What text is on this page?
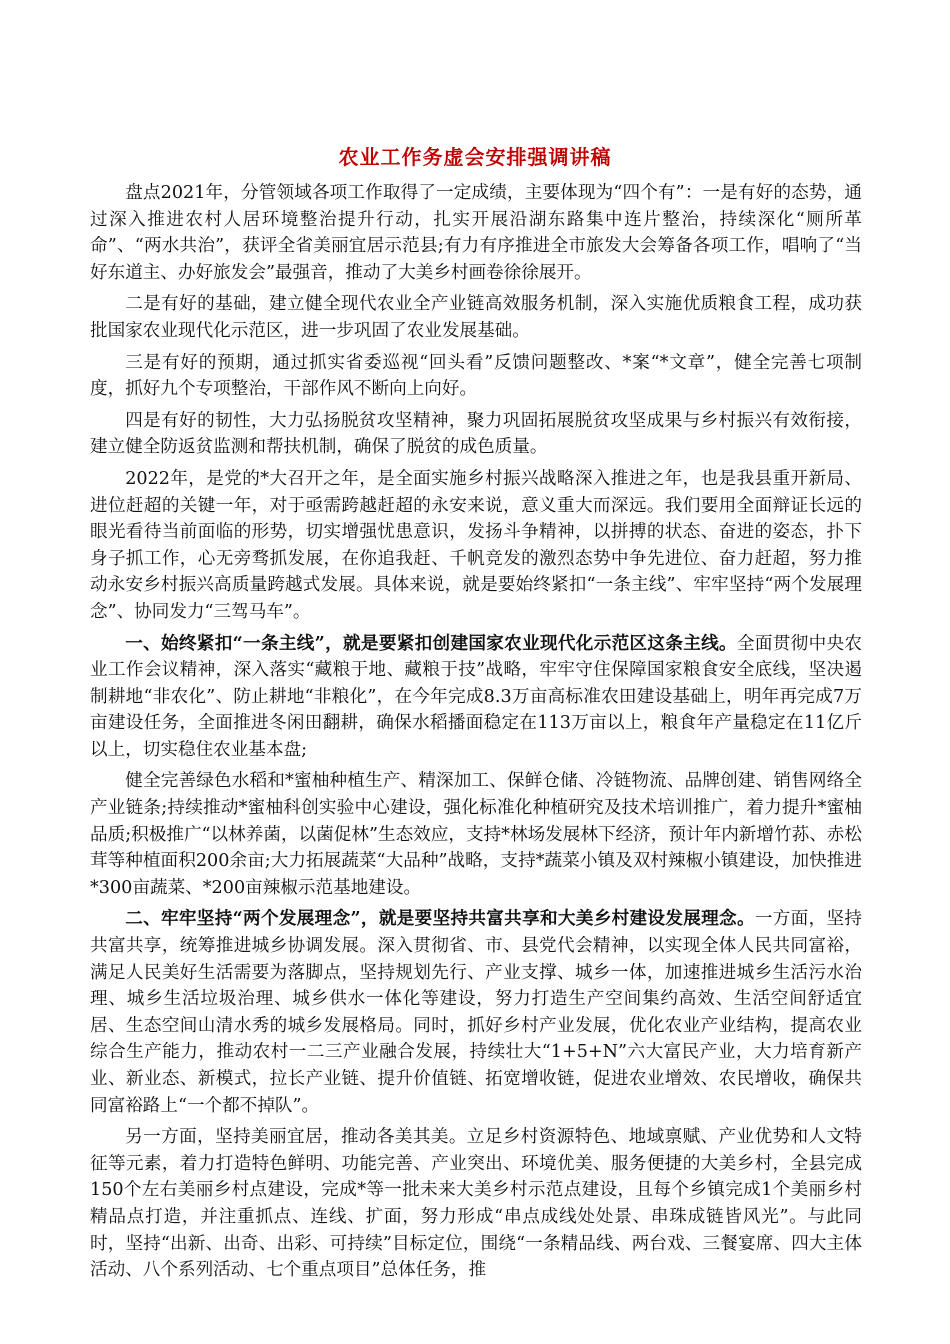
农业工作务虚会安排强调讲稿

盘点2021年，分管领域各项工作取得了一定成绩，主要体现为“四个有”：一是有好的态势，通过深入推进农村人居环境整治提升行动，扎实开展沿湖东路集中连片整治，持续深化“厕所革命”、“两水共治”，获评全省美丽宜居示范县;有力有序推进全市旅发大会筹备各项工作，唱响了“当好东道主、办好旅发会”最强音，推动了大美乡村画卷徐徐展开。

二是有好的基础，建立健全现代农业全产业链高效服务机制，深入实施优质粮食工程，成功获批国家农业现代化示范区，进一步巩固了农业发展基础。

三是有好的预期，通过抓实省委巡视“回头看”反馈问题整改、*案“*文章”，健全完善七项制度，抓好九个专项整治，干部作风不断向上向好。

四是有好的韧性，大力弘扬脱贫攻坚精神，聚力巩固拓展脱贫攻坚成果与乡村振兴有效衔接，建立健全防返贫监测和帮扶机制，确保了脱贫的成色质量。

2022年，是党的*大召开之年，是全面实施乡村振兴战略深入推进之年，也是我县重开新局、进位赶超的关键一年，对于亟需跨越赶超的永安来说，意义重大而深远。我们要用全面辩证长远的眼光看待当前面临的形势，切实增强忧患意识，发扬斗争精神，以拼搏的状态、奋进的姿态，扑下身子抓工作，心无旁骛抓发展，在你追我赶、千帆竞发的激烈态势中争先进位、奋力赶超，努力推动永安乡村振兴高质量跨越式发展。具体来说，就是要始终紧扣“一条主线”、牢牢坚持“两个发展理念”、协同发力“三驾马车”。

一、始终紧扣“一条主线”，就是要紧扣创建国家农业现代化示范区这条主线。全面贯彻中央农业工作会议精神，深入落实“藏粮于地、藏粮于技”战略，牢牢守住保障国家粮食安全底线，坚决遏制耕地“非农化”、防止耕地“非粮化”，在今年完成8.3万亩高标准农田建设基础上，明年再完成7万亩建设任务，全面推进冬闲田翻耕，确保水稻播面稳定在113万亩以上，粮食年产量稳定在11亿斤以上，切实稳住农业基本盘;

健全完善绿色水稻和*蜜柚种植生产、精深加工、保鲜仓储、冷链物流、品牌创建、销售网络全产业链条;持续推动*蜜柚科创实验中心建设，强化标准化种植研究及技术培训推广，着力提升*蜜柚品质;积极推广“以林养菌，以菌促林”生态效应，支持*林场发展林下经济，预计年内新增竹荪、赤松茸等种植面积200余亩;大力拓展蔬菜“大品种”战略，支持*蔬菜小镇及双村辣椒小镇建设，加快推进*300亩蔬菜、*200亩辣椒示范基地建设。

二、牢牢坚持“两个发展理念”，就是要坚持共富共享和大美乡村建设发展理念。一方面，坚持共富共享，统筹推进城乡协调发展。深入贯彻省、市、县党代会精神，以实现全体人民共同富裕，满足人民美好生活需要为落脚点，坚持规划先行、产业支撑、城乡一体，加速推进城乡生活污水治理、城乡生活垃圾治理、城乡供水一体化等建设，努力打造生产空间集约高效、生活空间舒适宜居、生态空间山清水秀的城乡发展格局。同时，抓好乡村产业发展，优化农业产业结构，提高农业综合生产能力，推动农村一二三产业融合发展，持续壮大“1+5+N”六大富民产业，大力培育新产业、新业态、新模式，拉长产业链、提升价值链、拓宽增收链，促进农业增效、农民增收，确保共同富裕路上“一个都不掉队”。

另一方面，坚持美丽宜居，推动各美其美。立足乡村资源特色、地域禀赋、产业优势和人文特征等元素，着力打造特色鲜明、功能完善、产业突出、环境优美、服务便捷的大美乡村，全县完成150个左右美丽乡村点建设，完成*等一批未来大美乡村示范点建设，且每个乡镇完成1个美丽乡村精品点打造，并注重抓点、连线、扩面，努力形成“串点成线处处景、串珠成链皆风光”。与此同时，坚持“出新、出奇、出彩、可持续”目标定位，围绕“一条精品线、两台戏、三餐宴席、四大主体活动、八个系列活动、七个重点项目”总体任务，推
